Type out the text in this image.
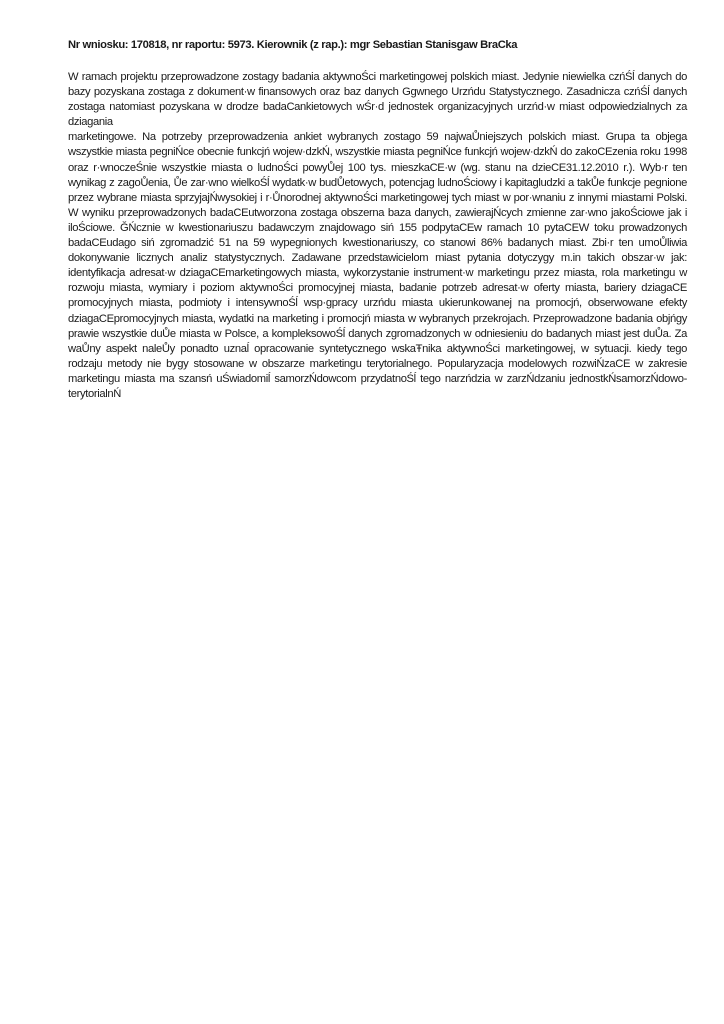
Nr wniosku: 170818, nr raportu: 5973. Kierownik (z rap.): mgr Sebastian Stanisgaw BraCka

W ramach projektu przeprowadzone zostagy badania aktywnoŚci marketingowej polskich miast. Jedynie niewielka czńŚĺ danych do bazy pozyskana zostaga z dokument·w finansowych oraz baz danych Ggwnego Urzńdu Statystycznego. Zasadnicza czńŚĺ danych zostaga natomiast pozyskana w drodze badaCankietowych wŚr·d jednostek organizacyjnych urzńd·w miast odpowiedzialnych za dziagania

marketingowe. Na potrzeby przeprowadzenia ankiet wybranych zostago 59 najwaŮniejszych polskich miast. Grupa ta objega wszystkie miasta pegniŃce obecnie funkcjń wojew·dzkŃ, wszystkie miasta pegniŃce funkcjń wojew·dzkŃ do zakoCEzenia roku 1998 oraz r·wnoczeŚnie wszystkie miasta o ludnoŚci powyŮej 100 tys. mieszkaCE·w (wg. stanu na dzieCE31.12.2010 r.). Wyb·r ten wynikag z zagoŮenia, Ůe zar·wno wielkoŚĺ wydatk·w budŮetowych, potencjag ludnoŚciowy i kapitagludzki a takŮe funkcje pegnione przez wybrane miasta sprzyjajŃwysokiej i r·Ůnorodnej aktywnoŚci marketingowej tych miast w por·wnaniu z innymi miastami Polski. W wyniku przeprowadzonych badaCEutworzona zostaga obszerna baza danych, zawierajŃcych zmienne zar·wno jakoŚciowe jak i iloŚciowe. ĞŃcznie w kwestionariuszu badawczym znajdowago siń 155 podpytaCEw ramach 10 pytaCEW toku prowadzonych badaCEudago siń zgromadzić 51 na 59 wypegnionych kwestionariuszy, co stanowi 86% badanych miast. Zbi·r ten umoŮliwia dokonywanie licznych analiz statystycznych. Zadawane przedstawicielom miast pytania dotyczygy m.in takich obszar·w jak: identyfikacja adresat·w dziagaCEmarketingowych miasta, wykorzystanie instrument·w marketingu przez miasta, rola marketingu w rozwoju miasta, wymiary i poziom aktywnoŚci promocyjnej miasta, badanie potrzeb adresat·w oferty miasta, bariery dziagaCE promocyjnych miasta, podmioty i intensywnoŚĺ wsp·gpracy urzńdu miasta ukierunkowanej na promocjń, obserwowane efekty dziagaCEpromocyjnych miasta, wydatki na marketing i promocjń miasta w wybranych przekrojach. Przeprowadzone badania objńgy prawie wszystkie duŮe miasta w Polsce, a kompleksowoŚĺ danych zgromadzonych w odniesieniu do badanych miast jest duŮa. Za waŮny aspekt naleŮy ponadto uznaĺ opracowanie syntetycznego wskaŦnika aktywnoŚci marketingowej, w sytuacji. kiedy tego rodzaju metody nie bygy stosowane w obszarze marketingu terytorialnego. Popularyzacja modelowych rozwiŃzaCE w zakresie marketingu miasta ma szansń uŚwiadomiĺ samorzŃdowcom przydatnoŚĺ tego narzńdzia w zarzŃdzaniu jednostkŃsamorzŃdowo-terytorialnŃ
